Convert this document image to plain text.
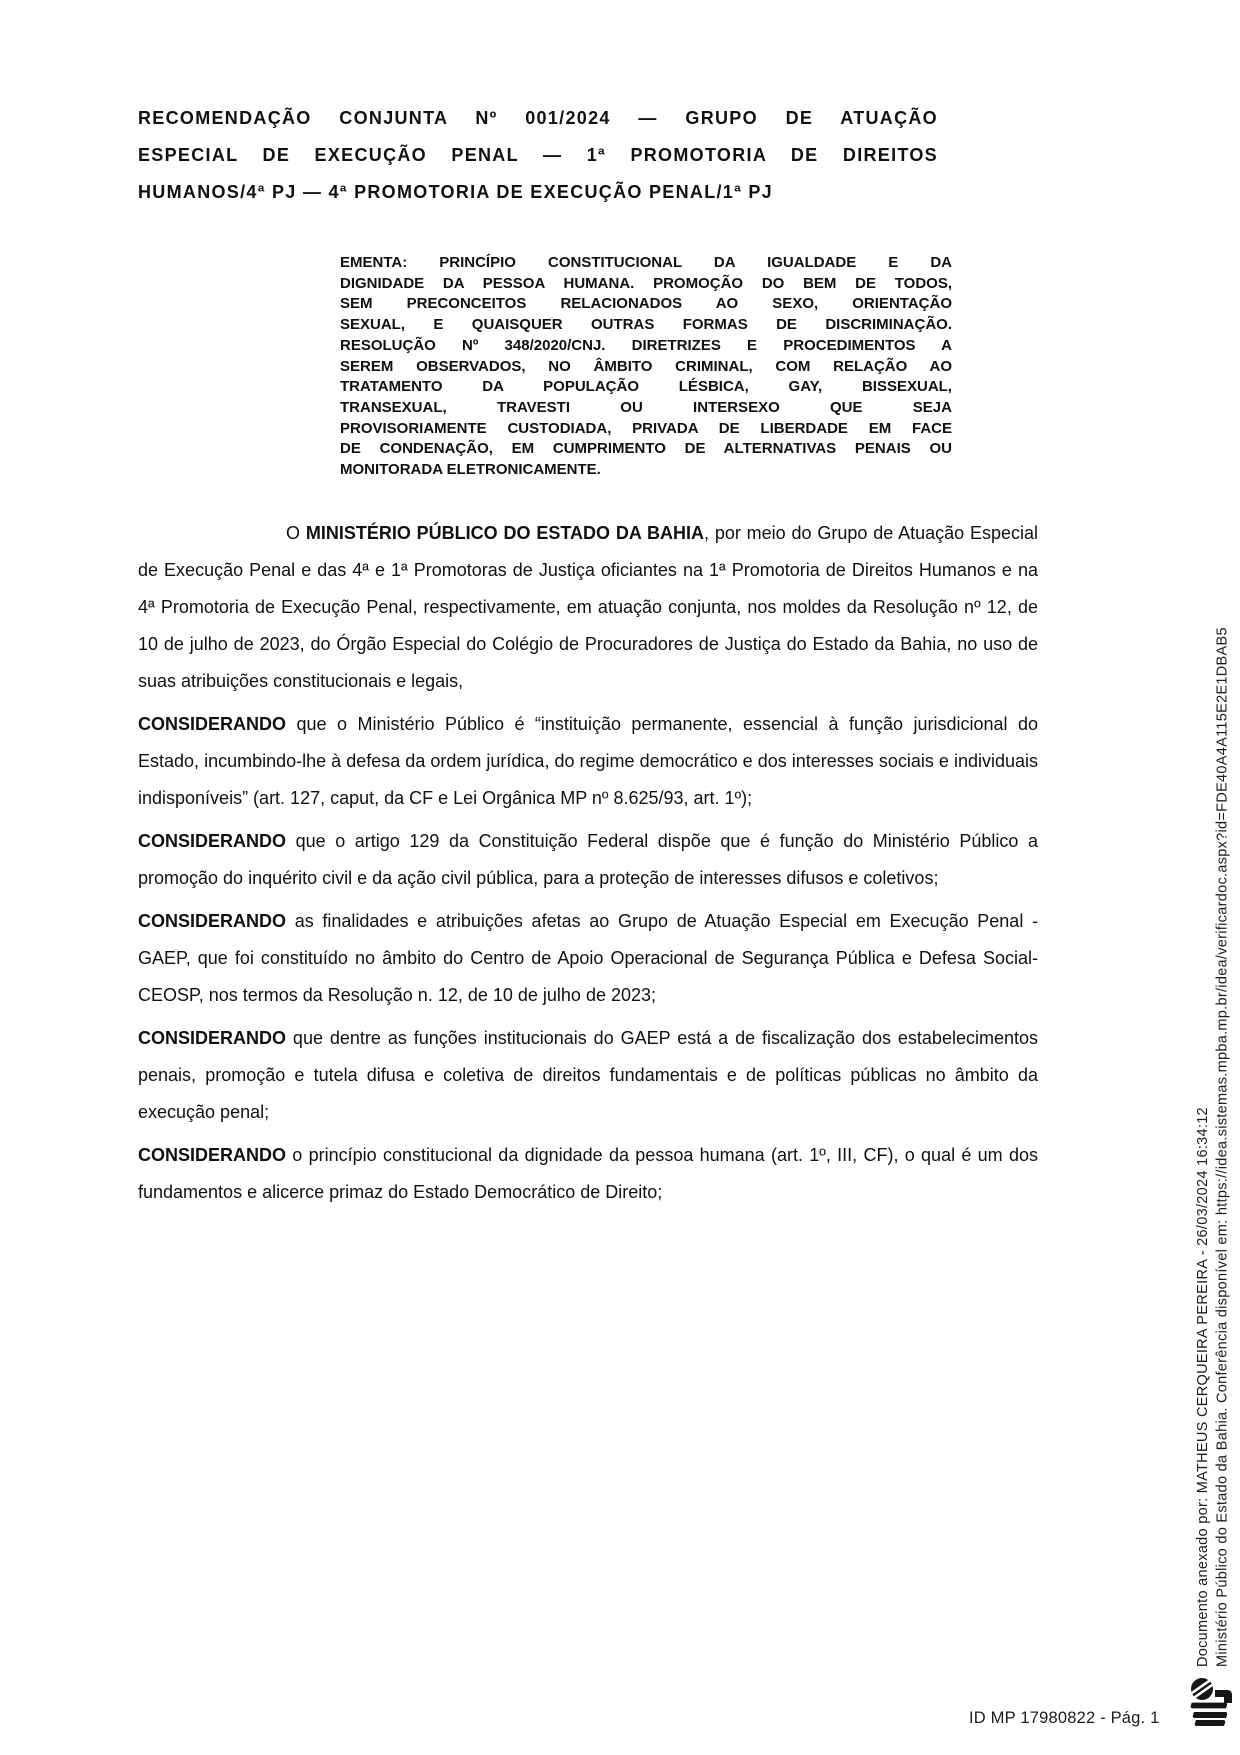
RECOMENDAÇÃO CONJUNTA Nº 001/2024 — GRUPO DE ATUAÇÃO
ESPECIAL DE EXECUÇÃO PENAL — 1ª PROMOTORIA DE DIREITOS
HUMANOS/4ª PJ — 4ª PROMOTORIA DE EXECUÇÃO PENAL/1ª PJ
EMENTA: PRINCÍPIO CONSTITUCIONAL DA IGUALDADE E DA
DIGNIDADE DA PESSOA HUMANA. PROMOÇÃO DO BEM DE TODOS,
SEM PRECONCEITOS RELACIONADOS AO SEXO, ORIENTAÇÃO
SEXUAL, E QUAISQUER OUTRAS FORMAS DE DISCRIMINAÇÃO.
RESOLUÇÃO Nº 348/2020/CNJ. DIRETRIZES E PROCEDIMENTOS A
SEREM OBSERVADOS, NO ÂMBITO CRIMINAL, COM RELAÇÃO AO
TRATAMENTO DA POPULAÇÃO LÉSBICA, GAY, BISSEXUAL,
TRANSEXUAL, TRAVESTI OU INTERSEXO QUE SEJA
PROVISORIAMENTE CUSTODIADA, PRIVADA DE LIBERDADE EM FACE
DE CONDENAÇÃO, EM CUMPRIMENTO DE ALTERNATIVAS PENAIS OU
MONITORADA ELETRONICAMENTE.

O MINISTÉRIO PÚBLICO DO ESTADO DA BAHIA, por meio do Grupo de Atuação Especial de Execução Penal e das 4ª e 1ª Promotoras de Justiça oficiantes na 1ª Promotoria de Direitos Humanos e na 4ª Promotoria de Execução Penal, respectivamente, em atuação conjunta, nos moldes da Resolução nº 12, de 10 de julho de 2023, do Órgão Especial do Colégio de Procuradores de Justiça do Estado da Bahia, no uso de suas atribuições constitucionais e legais,

CONSIDERANDO que o Ministério Público é “instituição permanente, essencial à função jurisdicional do Estado, incumbindo-lhe à defesa da ordem jurídica, do regime democrático e dos interesses sociais e individuais indisponíveis” (art. 127, caput, da CF e Lei Orgânica MP nº 8.625/93, art. 1º);

CONSIDERANDO que o artigo 129 da Constituição Federal dispõe que é função do Ministério Público a promoção do inquérito civil e da ação civil pública, para a proteção de interesses difusos e coletivos;

CONSIDERANDO as finalidades e atribuições afetas ao Grupo de Atuação Especial em Execução Penal - GAEP, que foi constituído no âmbito do Centro de Apoio Operacional de Segurança Pública e Defesa Social-CEOSP, nos termos da Resolução n. 12, de 10 de julho de 2023;

CONSIDERANDO que dentre as funções institucionais do GAEP está a de fiscalização dos estabelecimentos penais, promoção e tutela difusa e coletiva de direitos fundamentais e de políticas públicas no âmbito da execução penal;

CONSIDERANDO o princípio constitucional da dignidade da pessoa humana (art. 1º, III, CF), o qual é um dos fundamentos e alicerce primaz do Estado Democrático de Direito;	Documento anexado por: MATHEUS CERQUEIRA PEREIRA - 26/03/2024 16:34:12 Ministério Público do Estado da Bahia. Conferência disponível em: https://idea.sistemas.mpba.mp.br/idea/verificardoc.aspx?id=FDE40A4A115E2E1DBAB5
ID MP 17980822 - Pág. 1
